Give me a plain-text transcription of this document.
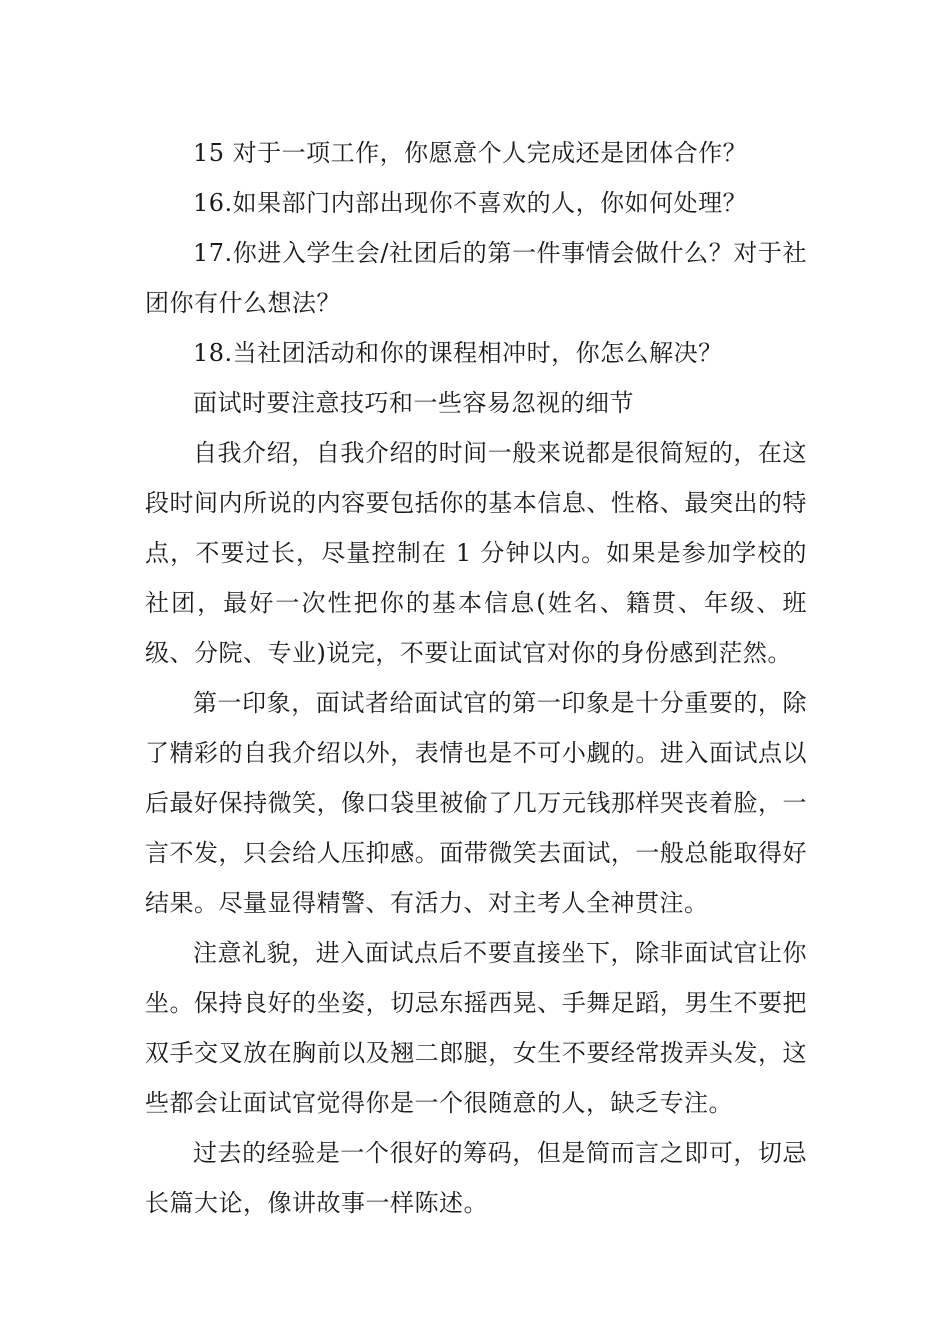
15 对于一项工作，你愿意个人完成还是团体合作？

16.如果部门内部出现你不喜欢的人，你如何处理？

17.你进入学生会/社团后的第一件事情会做什么？对于社团你有什么想法？

18.当社团活动和你的课程相冲时，你怎么解决？

面试时要注意技巧和一些容易忽视的细节

自我介绍，自我介绍的时间一般来说都是很简短的，在这段时间内所说的内容要包括你的基本信息、性格、最突出的特点，不要过长，尽量控制在 1 分钟以内。如果是参加学校的社团，最好一次性把你的基本信息(姓名、籍贯、年级、班级、分院、专业)说完，不要让面试官对你的身份感到茫然。

第一印象，面试者给面试官的第一印象是十分重要的，除了精彩的自我介绍以外，表情也是不可小觑的。进入面试点以后最好保持微笑，像口袋里被偷了几万元钱那样哭丧着脸，一言不发，只会给人压抑感。面带微笑去面试，一般总能取得好结果。尽量显得精警、有活力、对主考人全神贯注。

注意礼貌，进入面试点后不要直接坐下，除非面试官让你坐。保持良好的坐姿，切忌东摇西晃、手舞足蹈，男生不要把双手交叉放在胸前以及翘二郎腿，女生不要经常拨弄头发，这些都会让面试官觉得你是一个很随意的人，缺乏专注。

过去的经验是一个很好的筹码，但是简而言之即可，切忌长篇大论，像讲故事一样陈述。
